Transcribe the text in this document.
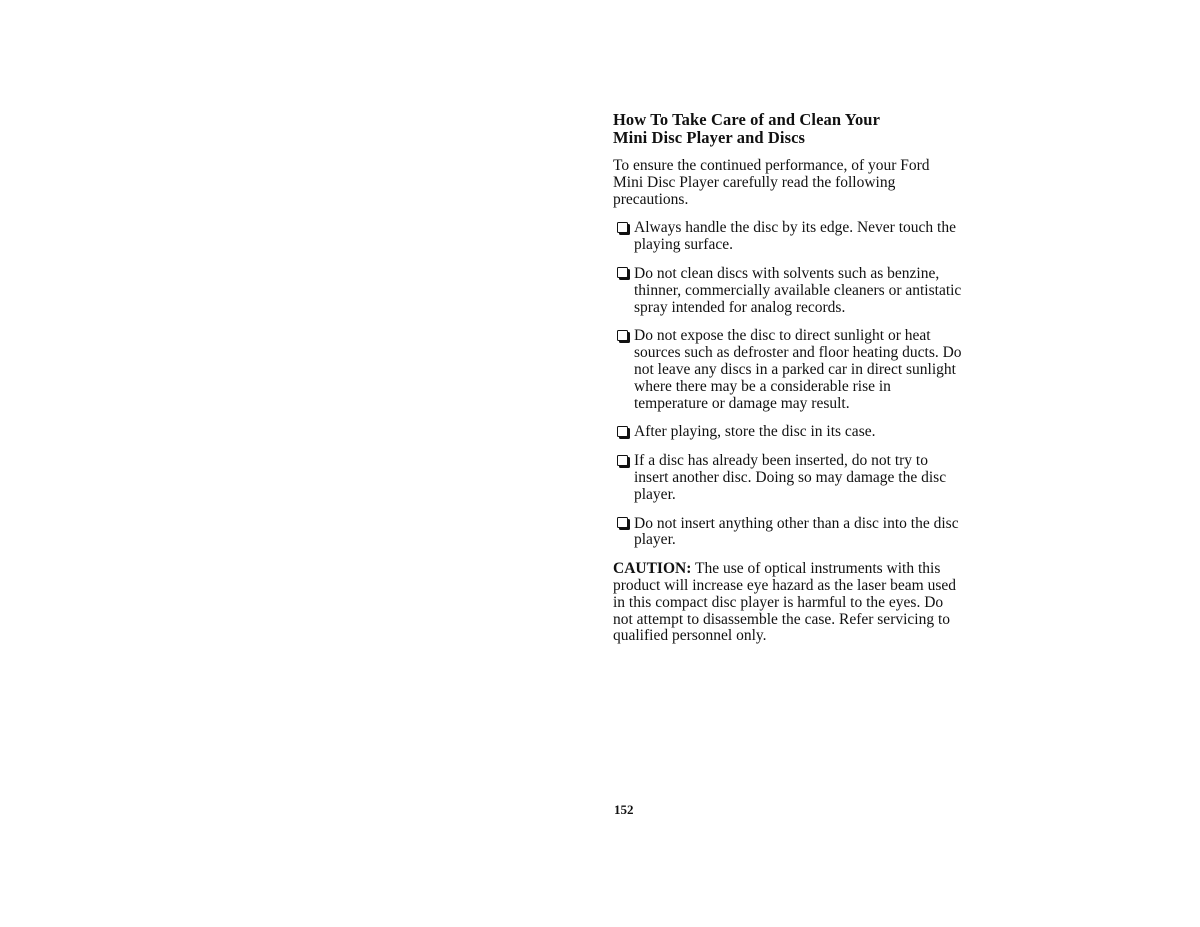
How To Take Care of and Clean Your
Mini Disc Player and Discs

To ensure the continued performance, of your Ford Mini Disc Player carefully read the following precautions.

Always handle the disc by its edge. Never touch the playing surface.
Do not clean discs with solvents such as benzine, thinner, commercially available cleaners or antistatic spray intended for analog records.
Do not expose the disc to direct sunlight or heat sources such as defroster and floor heating ducts. Do not leave any discs in a parked car in direct sunlight where there may be a considerable rise in temperature or damage may result.
After playing, store the disc in its case.
If a disc has already been inserted, do not try to insert another disc. Doing so may damage the disc player.
Do not insert anything other than a disc into the disc player.

CAUTION: The use of optical instruments with this product will increase eye hazard as the laser beam used in this compact disc player is harmful to the eyes. Do not attempt to disassemble the case. Refer servicing to qualified personnel only.

152
